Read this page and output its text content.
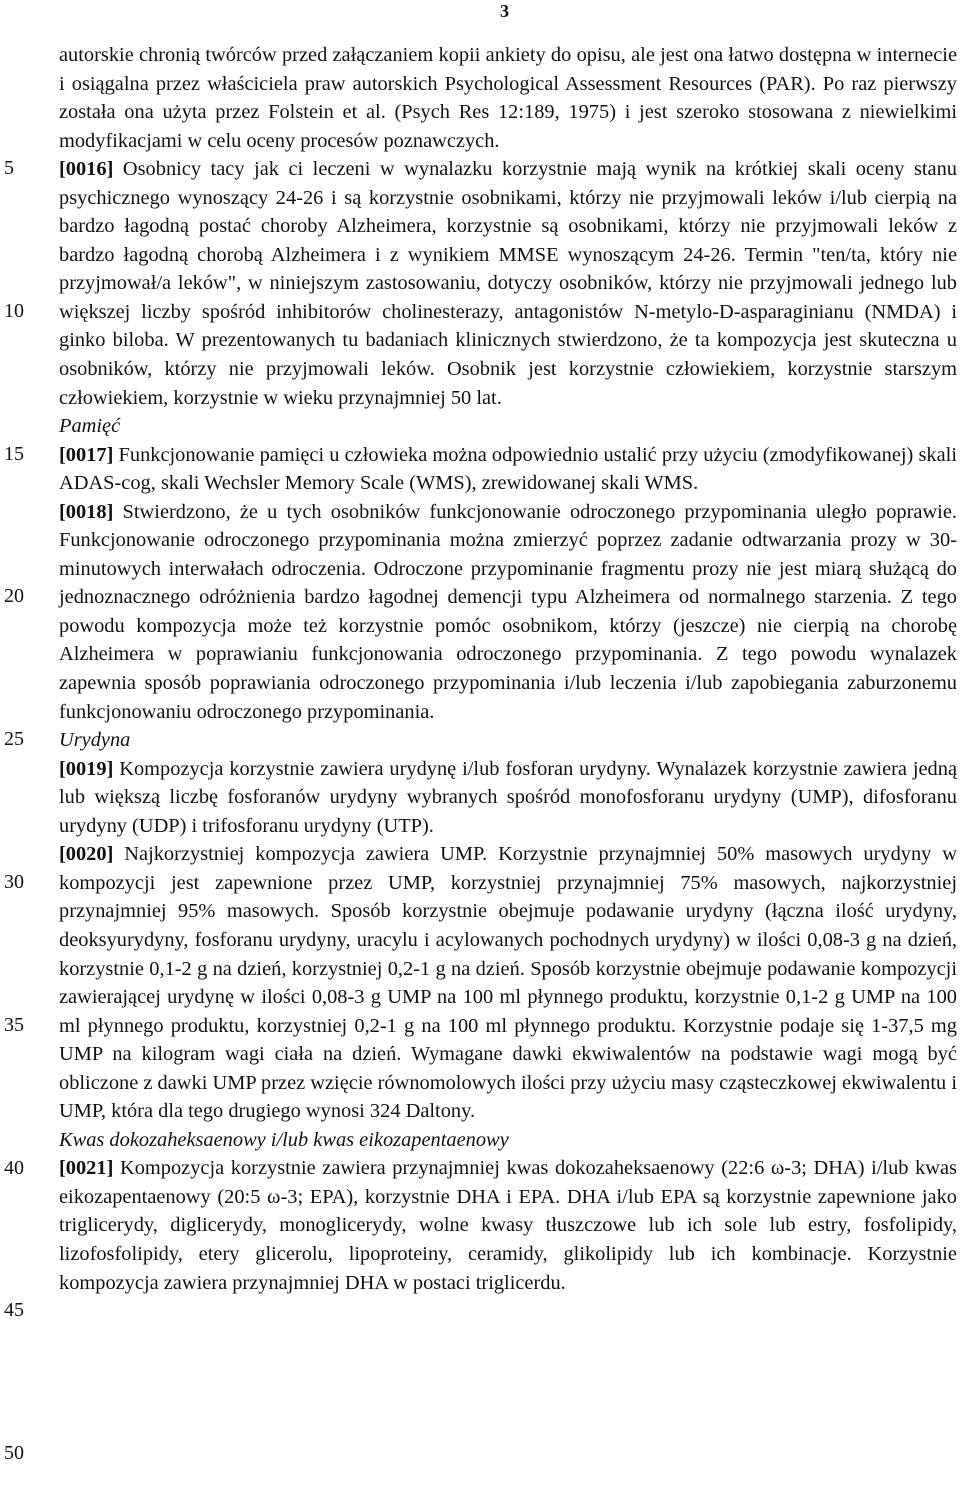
3
5
10
15
20
25
30
35
40
45
50

autorskie chronią twórców przed załączaniem kopii ankiety do opisu, ale jest ona łatwo dostępna w internecie i osiągalna przez właściciela praw autorskich Psychological Assessment Resources (PAR). Po raz pierwszy została ona użyta przez Folstein et al. (Psych Res 12:189, 1975) i jest szeroko stosowana z niewielkimi modyfikacjami w celu oceny procesów poznawczych.

[0016] Osobnicy tacy jak ci leczeni w wynalazku korzystnie mają wynik na krótkiej skali oceny stanu psychicznego wynoszący 24-26 i są korzystnie osobnikami, którzy nie przyjmowali leków i/lub cierpią na bardzo łagodną postać choroby Alzheimera, korzystnie są osobnikami, którzy nie przyjmowali leków z bardzo łagodną chorobą Alzheimera i z wynikiem MMSE wynoszącym 24-26. Termin "ten/ta, który nie przyjmował/a leków", w niniejszym zastosowaniu, dotyczy osobników, którzy nie przyjmowali jednego lub większej liczby spośród inhibitorów cholinesterazy, antagonistów N-metylo-D-asparaginianu (NMDA) i ginko biloba. W prezentowanych tu badaniach klinicznych stwierdzono, że ta kompozycja jest skuteczna u osobników, którzy nie przyjmowali leków. Osobnik jest korzystnie człowiekiem, korzystnie starszym człowiekiem, korzystnie w wieku przynajmniej 50 lat.

Pamięć

[0017] Funkcjonowanie pamięci u człowieka można odpowiednio ustalić przy użyciu (zmodyfikowanej) skali ADAS-cog, skali Wechsler Memory Scale (WMS), zrewidowanej skali WMS.

[0018] Stwierdzono, że u tych osobników funkcjonowanie odroczonego przypominania uległo poprawie. Funkcjonowanie odroczonego przypominania można zmierzyć poprzez zadanie odtwarzania prozy w 30-minutowych interwałach odroczenia. Odroczone przypominanie fragmentu prozy nie jest miarą służącą do jednoznacznego odróżnienia bardzo łagodnej demencji typu Alzheimera od normalnego starzenia. Z tego powodu kompozycja może też korzystnie pomóc osobnikom, którzy (jeszcze) nie cierpią na chorobę Alzheimera w poprawianiu funkcjonowania odroczonego przypominania. Z tego powodu wynalazek zapewnia sposób poprawiania odroczonego przypominania i/lub leczenia i/lub zapobiegania zaburzonemu funkcjonowaniu odroczonego przypominania.

Urydyna

[0019] Kompozycja korzystnie zawiera urydynę i/lub fosforan urydyny. Wynalazek korzystnie zawiera jedną lub większą liczbę fosforanów urydyny wybranych spośród monofosforanu urydyny (UMP), difosforanu urydyny (UDP) i trifosforanu urydyny (UTP).

[0020] Najkorzystniej kompozycja zawiera UMP. Korzystnie przynajmniej 50% masowych urydyny w kompozycji jest zapewnione przez UMP, korzystniej przynajmniej 75% masowych, najkorzystniej przynajmniej 95% masowych. Sposób korzystnie obejmuje podawanie urydyny (łączna ilość urydyny, deoksyurydyny, fosforanu urydyny, uracylu i acylowanych pochodnych urydyny) w ilości 0,08-3 g na dzień, korzystnie 0,1-2 g na dzień, korzystniej 0,2-1 g na dzień. Sposób korzystnie obejmuje podawanie kompozycji zawierającej urydynę w ilości 0,08-3 g UMP na 100 ml płynnego produktu, korzystnie 0,1-2 g UMP na 100 ml płynnego produktu, korzystniej 0,2-1 g na 100 ml płynnego produktu. Korzystnie podaje się 1-37,5 mg UMP na kilogram wagi ciała na dzień. Wymagane dawki ekwiwalentów na podstawie wagi mogą być obliczone z dawki UMP przez wzięcie równomolowych ilości przy użyciu masy cząsteczkowej ekwiwalentu i UMP, która dla tego drugiego wynosi 324 Daltony.

Kwas dokozaheksaenowy i/lub kwas eikozapentaenowy

[0021] Kompozycja korzystnie zawiera przynajmniej kwas dokozaheksaenowy (22:6 ω-3; DHA) i/lub kwas eikozapentaenowy (20:5 ω-3; EPA), korzystnie DHA i EPA. DHA i/lub EPA są korzystnie zapewnione jako triglicerydy, diglicerydy, monoglicerydy, wolne kwasy tłuszczowe lub ich sole lub estry, fosfolipidy, lizofosfolipidy, etery glicerolu, lipoproteiny, ceramidy, glikolipidy lub ich kombinacje. Korzystnie kompozycja zawiera przynajmniej DHA w postaci triglicerdu.
